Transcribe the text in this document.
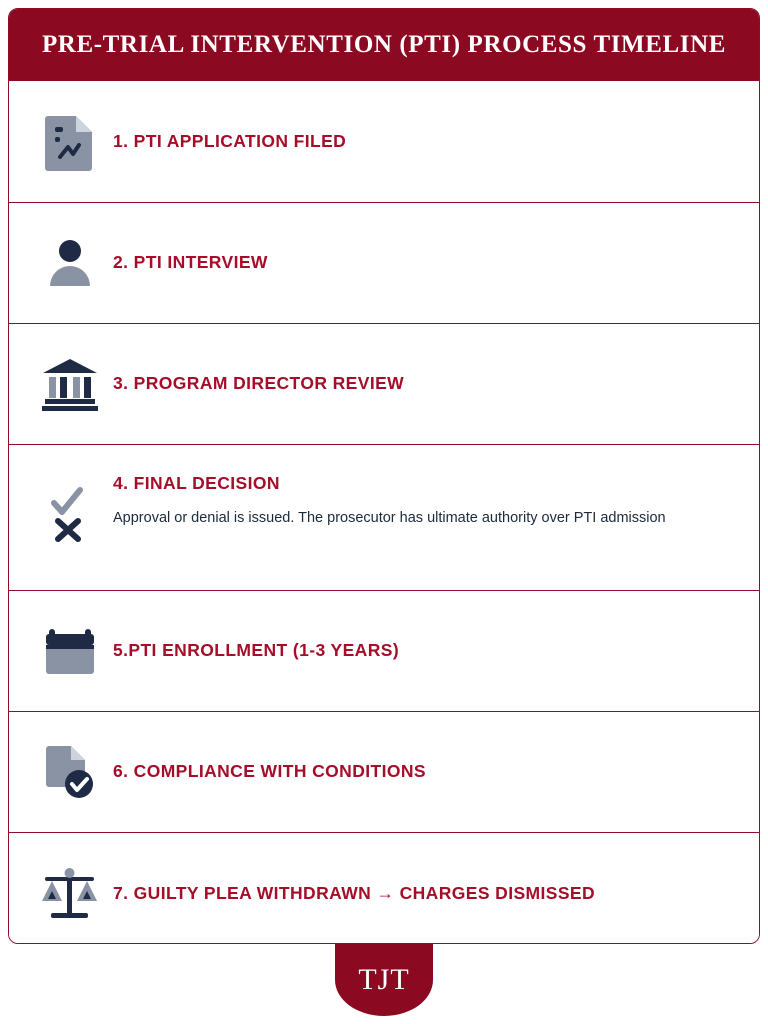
PRE-TRIAL INTERVENTION (PTI) PROCESS TIMELINE

1. PTI APPLICATION FILED

2. PTI INTERVIEW

3. PROGRAM DIRECTOR REVIEW

4. FINAL DECISION

Approval or denial is issued. The prosecutor has ultimate authority over PTI admission

5.PTI ENROLLMENT (1-3 YEARS)

6. COMPLIANCE WITH CONDITIONS

7. GUILTY PLEA WITHDRAWN → CHARGES DISMISSED

TJT
